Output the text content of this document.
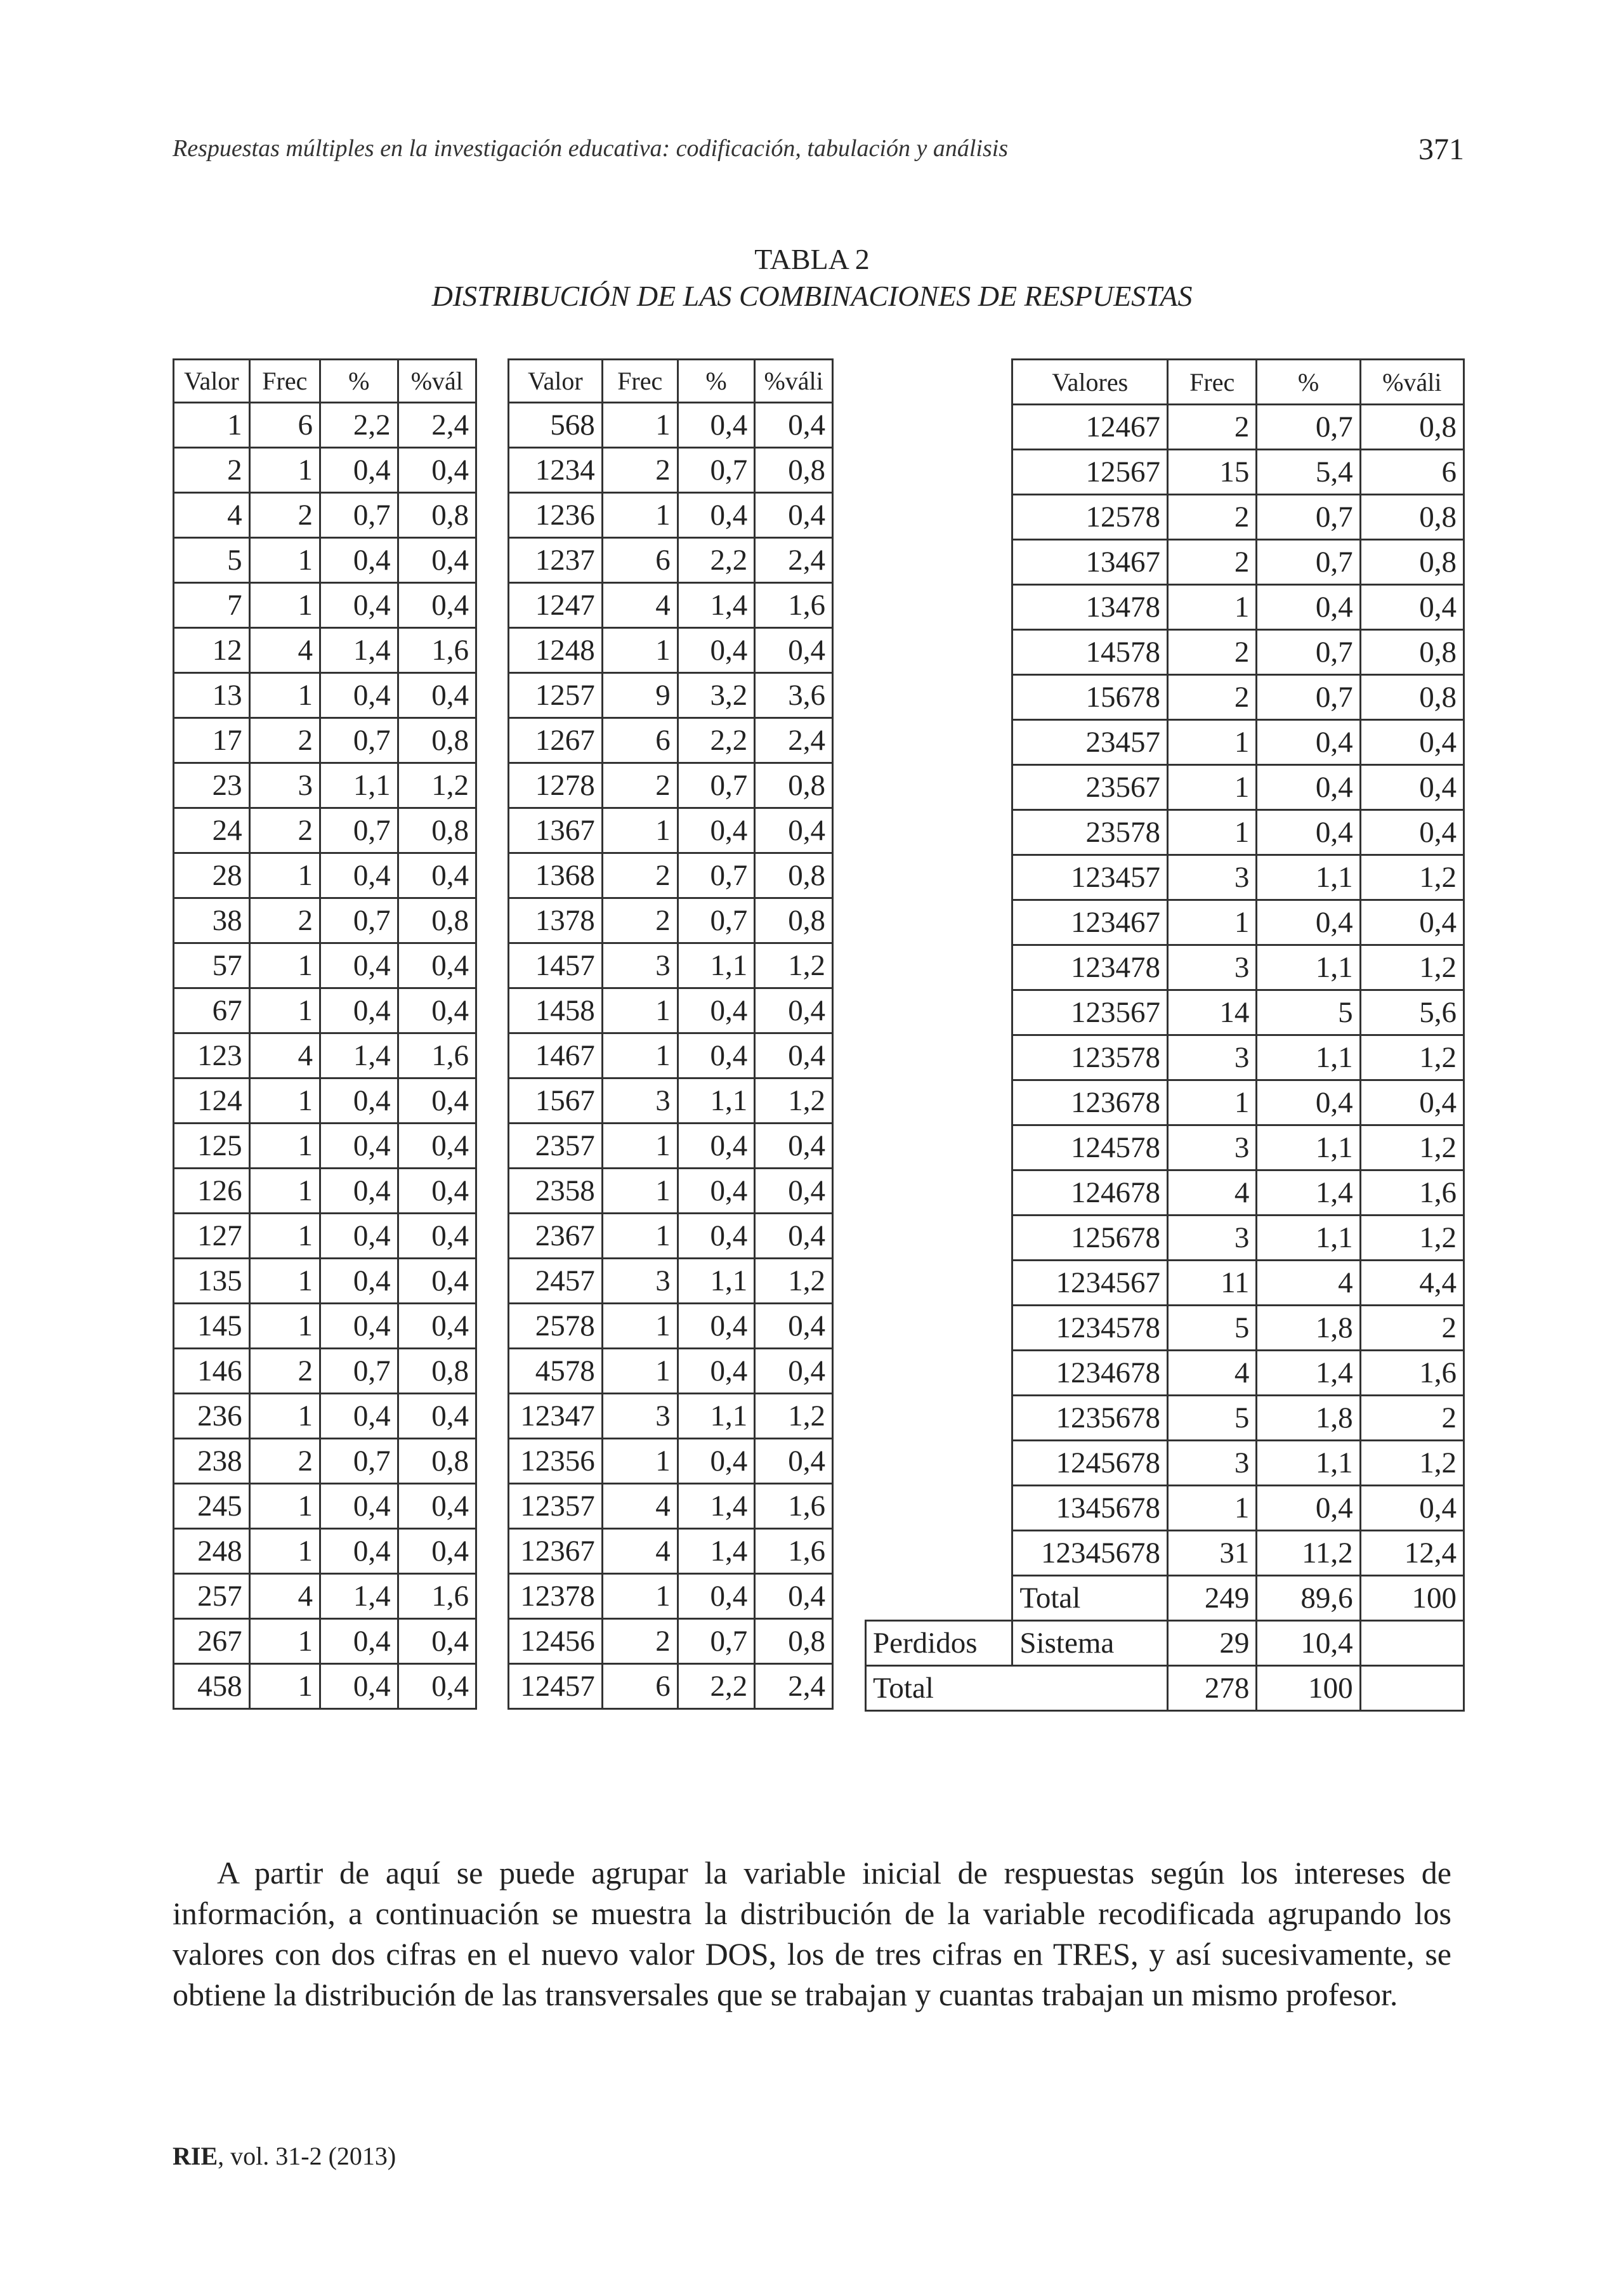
Respuestas múltiples en la investigación educativa: codificación, tabulación y análisis	371
TABLA 2
DISTRIBUCIÓN DE LAS COMBINACIONES DE RESPUESTAS
Valor	Frec	%	%vál
1	6	2,2	2,4
2	1	0,4	0,4
4	2	0,7	0,8
5	1	0,4	0,4
7	1	0,4	0,4
12	4	1,4	1,6
13	1	0,4	0,4
17	2	0,7	0,8
23	3	1,1	1,2
24	2	0,7	0,8
28	1	0,4	0,4
38	2	0,7	0,8
57	1	0,4	0,4
67	1	0,4	0,4
123	4	1,4	1,6
124	1	0,4	0,4
125	1	0,4	0,4
126	1	0,4	0,4
127	1	0,4	0,4
135	1	0,4	0,4
145	1	0,4	0,4
146	2	0,7	0,8
236	1	0,4	0,4
238	2	0,7	0,8
245	1	0,4	0,4
248	1	0,4	0,4
257	4	1,4	1,6
267	1	0,4	0,4
458	1	0,4	0,4
Valor	Frec	%	%váli
568	1	0,4	0,4
1234	2	0,7	0,8
1236	1	0,4	0,4
1237	6	2,2	2,4
1247	4	1,4	1,6
1248	1	0,4	0,4
1257	9	3,2	3,6
1267	6	2,2	2,4
1278	2	0,7	0,8
1367	1	0,4	0,4
1368	2	0,7	0,8
1378	2	0,7	0,8
1457	3	1,1	1,2
1458	1	0,4	0,4
1467	1	0,4	0,4
1567	3	1,1	1,2
2357	1	0,4	0,4
2358	1	0,4	0,4
2367	1	0,4	0,4
2457	3	1,1	1,2
2578	1	0,4	0,4
4578	1	0,4	0,4
12347	3	1,1	1,2
12356	1	0,4	0,4
12357	4	1,4	1,6
12367	4	1,4	1,6
12378	1	0,4	0,4
12456	2	0,7	0,8
12457	6	2,2	2,4
	Valores	Frec	%	%váli
	12467	2	0,7	0,8
	12567	15	5,4	6
	12578	2	0,7	0,8
	13467	2	0,7	0,8
	13478	1	0,4	0,4
	14578	2	0,7	0,8
	15678	2	0,7	0,8
	23457	1	0,4	0,4
	23567	1	0,4	0,4
	23578	1	0,4	0,4
	123457	3	1,1	1,2
	123467	1	0,4	0,4
	123478	3	1,1	1,2
	123567	14	5	5,6
	123578	3	1,1	1,2
	123678	1	0,4	0,4
	124578	3	1,1	1,2
	124678	4	1,4	1,6
	125678	3	1,1	1,2
	1234567	11	4	4,4
	1234578	5	1,8	2
	1234678	4	1,4	1,6
	1235678	5	1,8	2
	1245678	3	1,1	1,2
	1345678	1	0,4	0,4
	12345678	31	11,2	12,4
	Total	249	89,6	100
Perdidos	Sistema	29	10,4	
Total		278	100	

A partir de aquí se puede agrupar la variable inicial de respuestas según los intereses de información, a continuación se muestra la distribución de la variable recodificada agrupando los valores con dos cifras en el nuevo valor DOS, los de tres cifras en TRES, y así sucesivamente, se obtiene la distribución de las transversales que se trabajan y cuantas trabajan un mismo profesor.

RIE, vol. 31-2 (2013)
